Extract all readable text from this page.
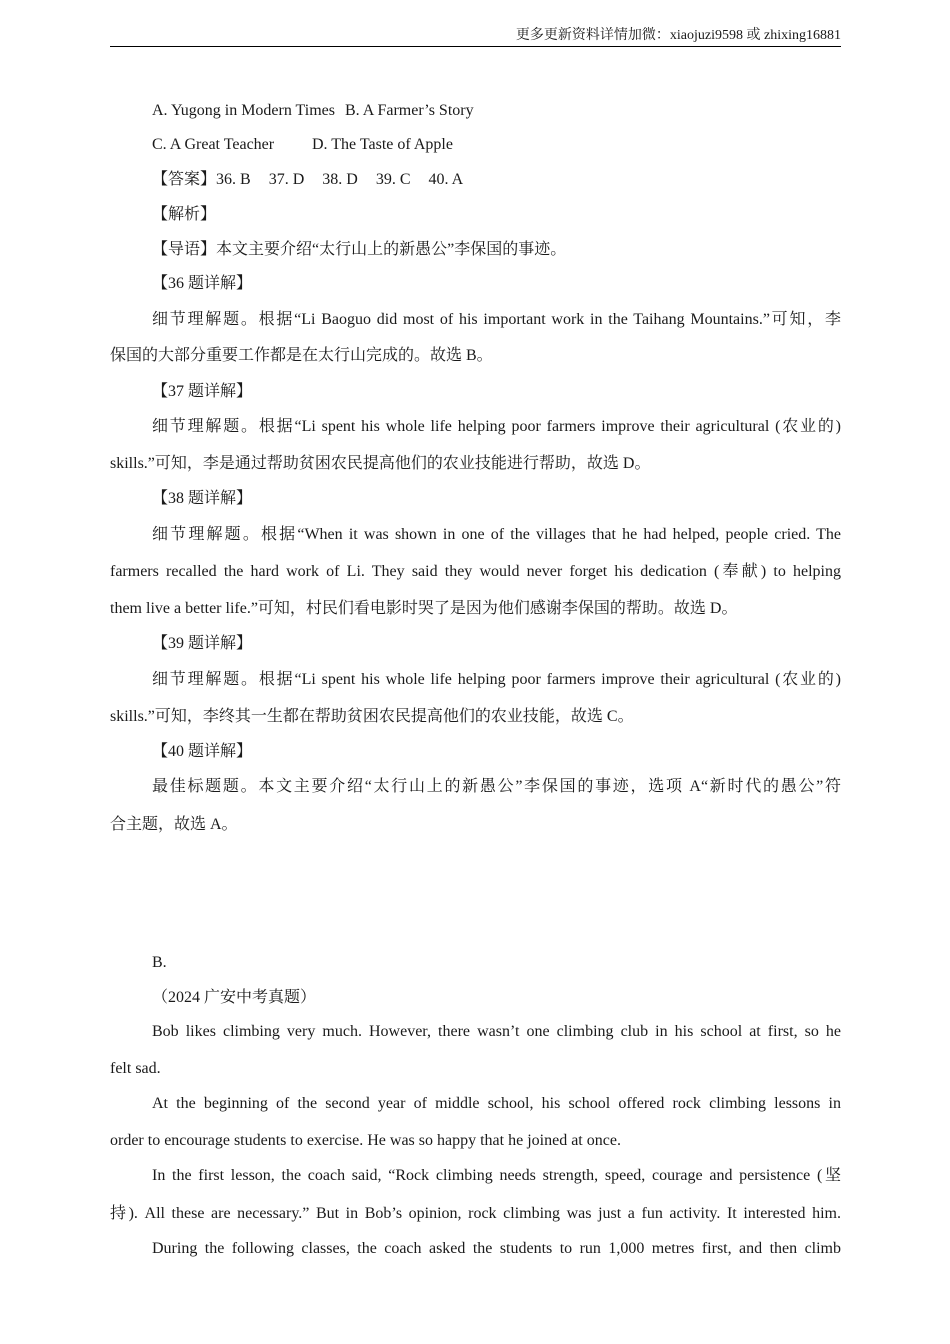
更多更新资料详情加微：xiaojuzi9598 或 zhixing16881
A. Yugong in Modern Times B. A Farmer’s Story
C. A Great Teacher D. The Taste of Apple
【答案】36. B 37. D 38. D 39. C 40. A
【解析】
【导语】本文主要介绍“太行山上的新愚公”李保国的事迹。
【36 题详解】
细节理解题。根据“Li Baoguo did most of his important work in the Taihang Mountains.”可知，李
保国的大部分重要工作都是在太行山完成的。故选 B。
【37 题详解】
细节理解题。根据“Li spent his whole life helping poor farmers improve their agricultural (农业的)
skills.”可知，李是通过帮助贫困农民提高他们的农业技能进行帮助，故选 D。
【38 题详解】
细节理解题。根据“When it was shown in one of the villages that he had helped, people cried. The
farmers recalled the hard work of Li. They said they would never forget his dedication (奉献) to helping
them live a better life.”可知，村民们看电影时哭了是因为他们感谢李保国的帮助。故选 D。
【39 题详解】
细节理解题。根据“Li spent his whole life helping poor farmers improve their agricultural (农业的)
skills.”可知，李终其一生都在帮助贫困农民提高他们的农业技能，故选 C。
【40 题详解】
最佳标题题。本文主要介绍“太行山上的新愚公”李保国的事迹，选项 A“新时代的愚公”符
合主题，故选 A。
B.
（2024 广安中考真题）
Bob likes climbing very much. However, there wasn’t one climbing club in his school at first, so he
felt sad.
At the beginning of the second year of middle school, his school offered rock climbing lessons in
order to encourage students to exercise. He was so happy that he joined at once.
In the first lesson, the coach said, “Rock climbing needs strength, speed, courage and persistence (坚
持). All these are necessary.” But in Bob’s opinion, rock climbing was just a fun activity. It interested him.
During the following classes, the coach asked the students to run 1,000 metres first, and then climb
